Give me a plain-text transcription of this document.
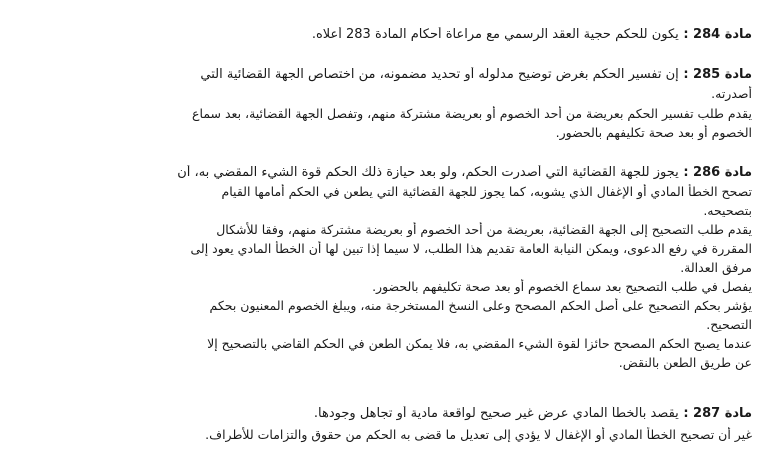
مادة 284 : يكون للحكم حجية العقد الرسمي مع مراعاة أحكام المادة 283 أعلاه.
مادة 285 : إن تفسير الحكم بغرض توضيح مدلوله أو تحديد مضمونه، من اختصاص الجهة القضائية التي
أصدرته.
يقدم طلب تفسير الحكم بعريضة من أحد الخصوم أو بعريضة مشتركة منهم، وتفصل الجهة القضائية، بعد سماع
الخصوم أو بعد صحة تكليفهم بالحضور.
مادة 286 : يجوز للجهة القضائية التي أصدرت الحكم، ولو بعد حيازة ذلك الحكم قوة الشيء المقضي به، أن
تصحح الخطأ المادي أو الإغفال الذي يشوبه، كما يجوز للجهة القضائية التي يطعن في الحكم أمامها القيام
بتصحيحه.
يقدم طلب التصحيح إلى الجهة القضائية، بعريضة من أحد الخصوم أو بعريضة مشتركة منهم، وفقا للأشكال
المقررة في رفع الدعوى، ويمكن النيابة العامة تقديم هذا الطلب، لا سيما إذا تبين لها أن الخطأ المادي يعود إلى
مرفق العدالة.
يفصل في طلب التصحيح بعد سماع الخصوم أو بعد صحة تكليفهم بالحضور.
يؤشر بحكم التصحيح على أصل الحكم المصحح وعلى النسخ المستخرجة منه، ويبلغ الخصوم المعنيون بحكم
التصحيح.
عندما يصبح الحكم المصحح حائزا لقوة الشيء المقضي به، فلا يمكن الطعن في الحكم القاضي بالتصحيح إلا
عن طريق الطعن بالنقض.
مادة 287 : يقصد بالخطأ المادي عرض غير صحيح لواقعة مادية أو تجاهل وجودها.
غير أن تصحيح الخطأ المادي أو الإغفال لا يؤدي إلى تعديل ما قضى به الحكم من حقوق والتزامات للأطراف.
